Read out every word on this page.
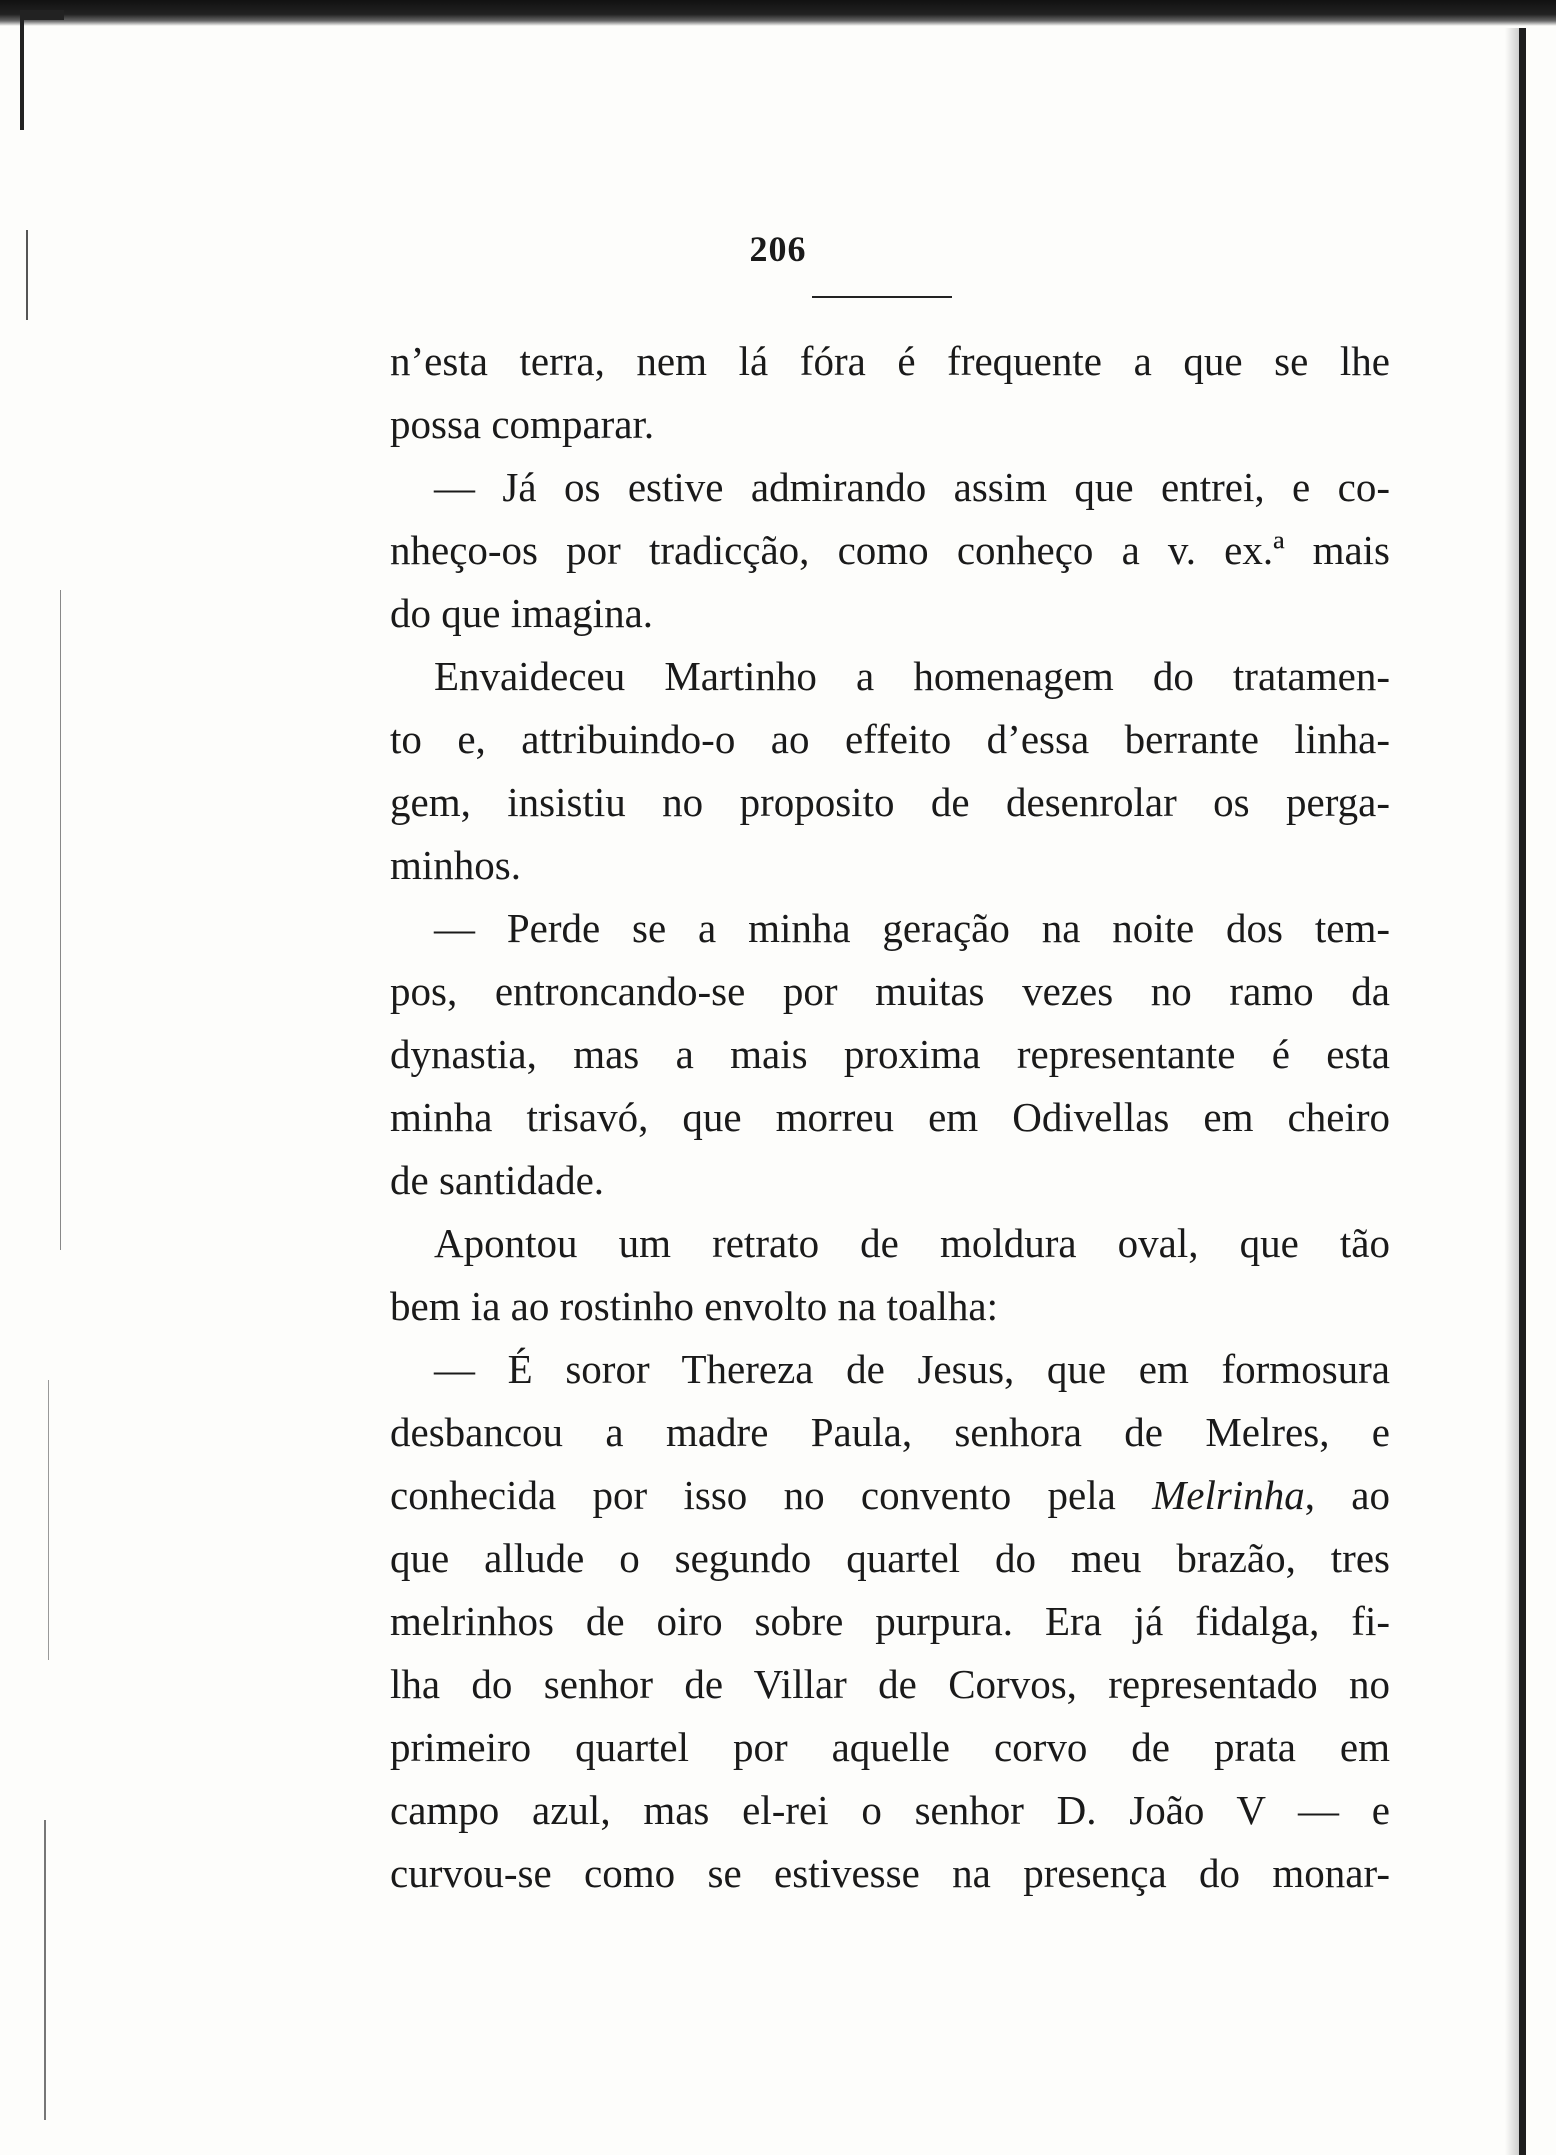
206
n’esta terra, nem lá fóra é frequente a que se lhe
possa comparar.
— Já os estive admirando assim que entrei, e co-
nheço-os por tradicção, como conheço a v. ex.ª mais
do que imagina.
Envaideceu Martinho a homenagem do tratamen-
to e, attribuindo-o ao effeito d’essa berrante linha-
gem, insistiu no proposito de desenrolar os perga-
minhos.
— Perde se a minha geração na noite dos tem-
pos, entroncando-se por muitas vezes no ramo da
dynastia, mas a mais proxima representante é esta
minha trisavó, que morreu em Odivellas em cheiro
de santidade.
Apontou um retrato de moldura oval, que tão
bem ia ao rostinho envolto na toalha:
— É soror Thereza de Jesus, que em formosura
desbancou a madre Paula, senhora de Melres, e
conhecida por isso no convento pela Melrinha, ao
que allude o segundo quartel do meu brazão, tres
melrinhos de oiro sobre purpura. Era já fidalga, fi-
lha do senhor de Villar de Corvos, representado no
primeiro quartel por aquelle corvo de prata em
campo azul, mas el-rei o senhor D. João V — e
curvou-se como se estivesse na presença do monar-
